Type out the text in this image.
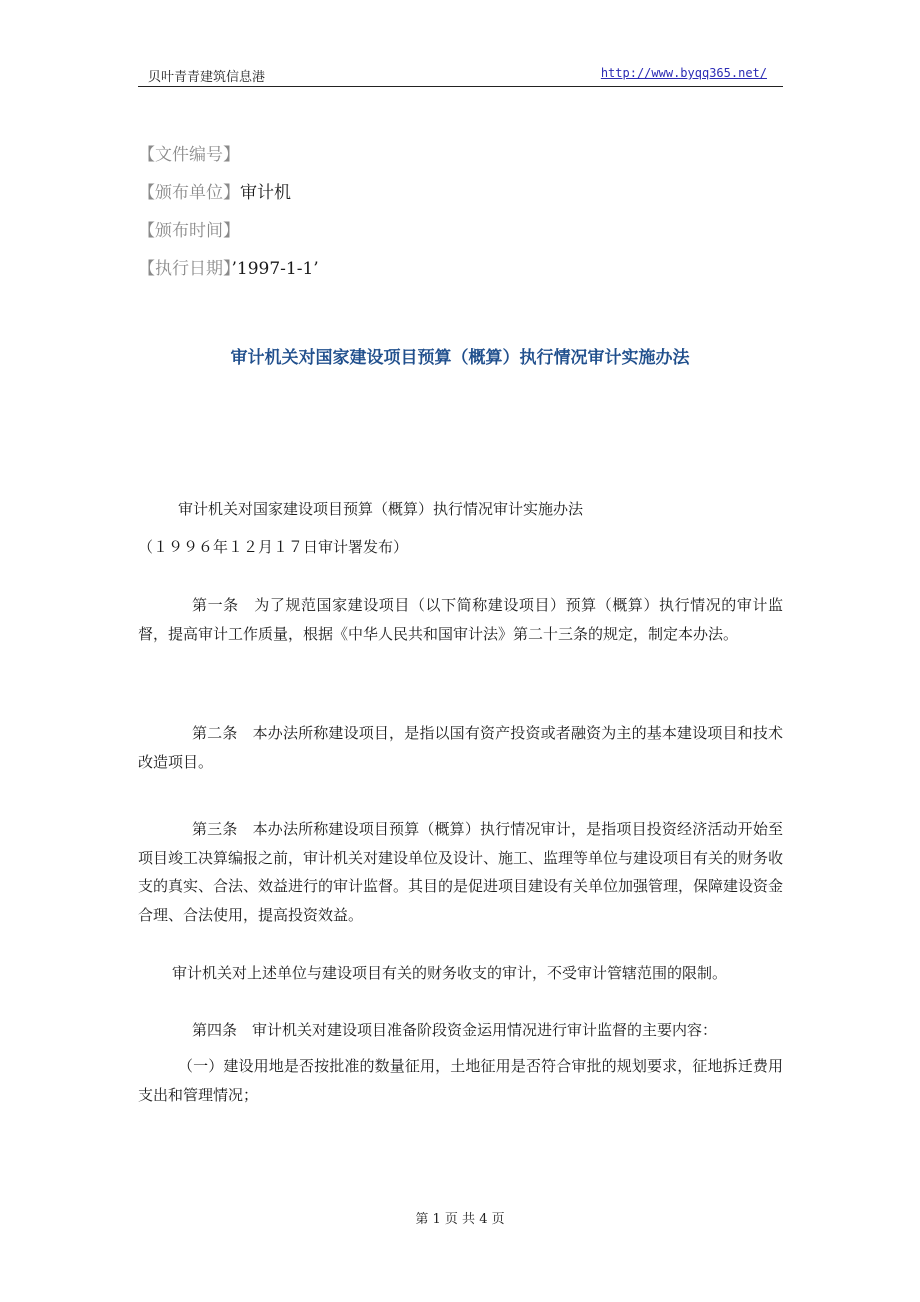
贝叶青青建筑信息港	http://www.byqq365.net/
【文件编号】
【颁布单位】审计机
【颁布时间】
【执行日期】’1997-1-1’
审计机关对国家建设项目预算（概算）执行情况审计实施办法

审计机关对国家建设项目预算（概算）执行情况审计实施办法

（１９９６年１２月１７日审计署发布）

第一条　为了规范国家建设项目（以下简称建设项目）预算（概算）执行情况的审计监督，提高审计工作质量，根据《中华人民共和国审计法》第二十三条的规定，制定本办法。

第二条　本办法所称建设项目，是指以国有资产投资或者融资为主的基本建设项目和技术改造项目。

第三条　本办法所称建设项目预算（概算）执行情况审计，是指项目投资经济活动开始至项目竣工决算编报之前，审计机关对建设单位及设计、施工、监理等单位与建设项目有关的财务收支的真实、合法、效益进行的审计监督。其目的是促进项目建设有关单位加强管理，保障建设资金合理、合法使用，提高投资效益。

审计机关对上述单位与建设项目有关的财务收支的审计，不受审计管辖范围的限制。

第四条　审计机关对建设项目准备阶段资金运用情况进行审计监督的主要内容：

（一）建设用地是否按批准的数量征用，土地征用是否符合审批的规划要求，征地拆迁费用支出和管理情况；

第 1 页 共 4 页
